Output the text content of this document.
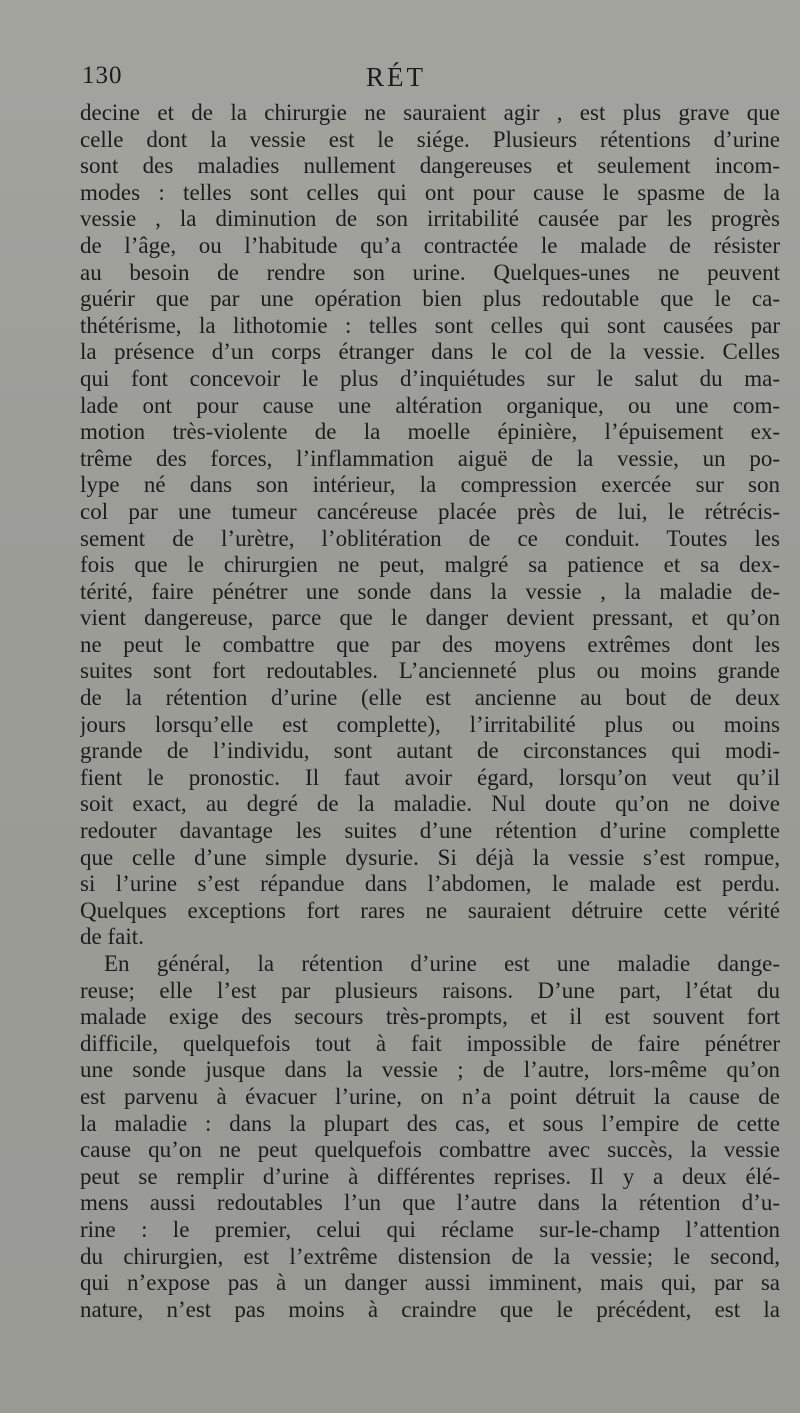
130	RÉT
decine et de la chirurgie ne sauraient agir , est plus grave que
celle dont la vessie est le siége. Plusieurs rétentions d’urine
sont des maladies nullement dangereuses et seulement incom-
modes : telles sont celles qui ont pour cause le spasme de la
vessie , la diminution de son irritabilité causée par les progrès
de l’âge, ou l’habitude qu’a contractée le malade de résister
au besoin de rendre son urine. Quelques-unes ne peuvent
guérir que par une opération bien plus redoutable que le ca-
thétérisme, la lithotomie : telles sont celles qui sont causées par
la présence d’un corps étranger dans le col de la vessie. Celles
qui font concevoir le plus d’inquiétudes sur le salut du ma-
lade ont pour cause une altération organique, ou une com-
motion très-violente de la moelle épinière, l’épuisement ex-
trême des forces, l’inflammation aiguë de la vessie, un po-
lype né dans son intérieur, la compression exercée sur son
col par une tumeur cancéreuse placée près de lui, le rétrécis-
sement de l’urètre, l’oblitération de ce conduit. Toutes les
fois que le chirurgien ne peut, malgré sa patience et sa dex-
térité, faire pénétrer une sonde dans la vessie , la maladie de-
vient dangereuse, parce que le danger devient pressant, et qu’on
ne peut le combattre que par des moyens extrêmes dont les
suites sont fort redoutables. L’ancienneté plus ou moins grande
de la rétention d’urine (elle est ancienne au bout de deux
jours lorsqu’elle est complette), l’irritabilité plus ou moins
grande de l’individu, sont autant de circonstances qui modi-
fient le pronostic. Il faut avoir égard, lorsqu’on veut qu’il
soit exact, au degré de la maladie. Nul doute qu’on ne doive
redouter davantage les suites d’une rétention d’urine complette
que celle d’une simple dysurie. Si déjà la vessie s’est rompue,
si l’urine s’est répandue dans l’abdomen, le malade est perdu.
Quelques exceptions fort rares ne sauraient détruire cette vérité
de fait.
En général, la rétention d’urine est une maladie dange-
reuse; elle l’est par plusieurs raisons. D’une part, l’état du
malade exige des secours très-prompts, et il est souvent fort
difficile, quelquefois tout à fait impossible de faire pénétrer
une sonde jusque dans la vessie ; de l’autre, lors-même qu’on
est parvenu à évacuer l’urine, on n’a point détruit la cause de
la maladie : dans la plupart des cas, et sous l’empire de cette
cause qu’on ne peut quelquefois combattre avec succès, la vessie
peut se remplir d’urine à différentes reprises. Il y a deux élé-
mens aussi redoutables l’un que l’autre dans la rétention d’u-
rine : le premier, celui qui réclame sur-le-champ l’attention
du chirurgien, est l’extrême distension de la vessie; le second,
qui n’expose pas à un danger aussi imminent, mais qui, par sa
nature, n’est pas moins à craindre que le précédent, est la
